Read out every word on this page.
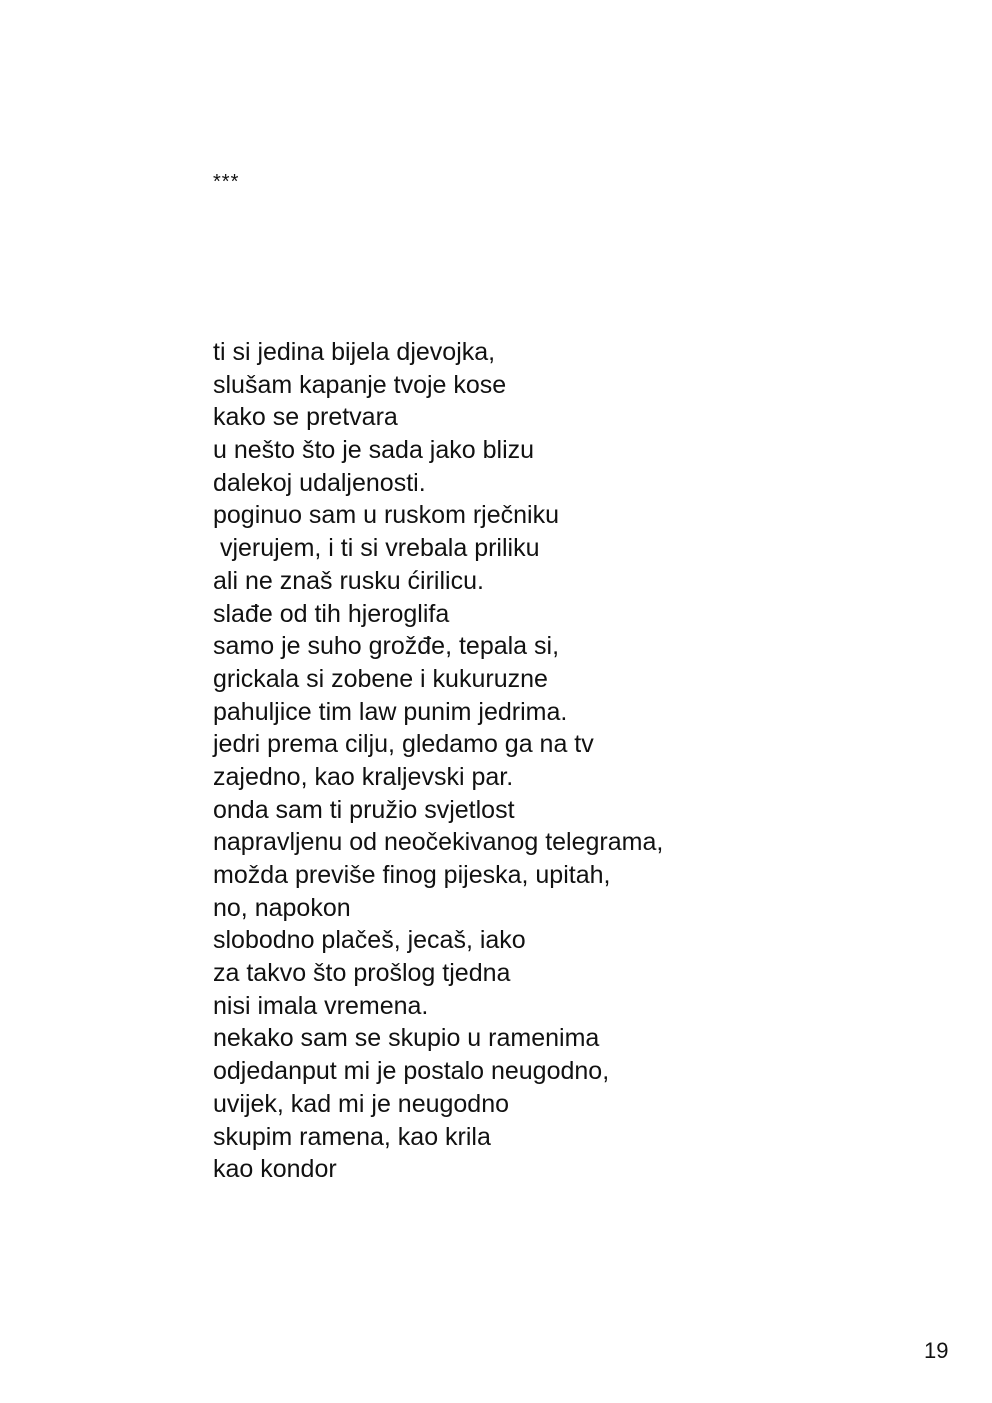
***
ti si jedina bijela djevojka,
slušam kapanje tvoje kose
kako se pretvara
u nešto što je sada jako blizu
dalekoj udaljenosti.
poginuo sam u ruskom rječniku
vjerujem, i ti si vrebala priliku
ali ne znaš rusku ćirilicu.
slađe od tih hjeroglifa
samo je suho grožđe, tepala si,
grickala si zobene i kukuruzne
pahuljice tim law punim jedrima.
jedri prema cilju, gledamo ga na tv
zajedno, kao kraljevski par.
onda sam ti pružio svjetlost
napravljenu od neočekivanog telegrama,
možda previše finog pijeska, upitah,
no, napokon
slobodno plačeš, jecaš, iako
za takvo što prošlog tjedna
nisi imala vremena.
nekako sam se skupio u ramenima
odjedanput mi je postalo neugodno,
uvijek, kad mi je neugodno
skupim ramena, kao krila
kao kondor
19
